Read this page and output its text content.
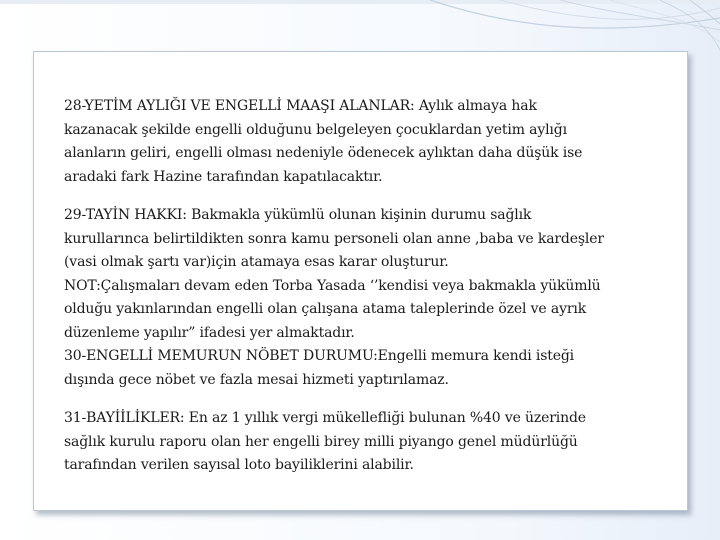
28-YETİM AYLIĞI VE ENGELLİ MAAŞI ALANLAR: Aylık almaya hak

kazanacak şekilde engelli olduğunu belgeleyen çocuklardan yetim aylığı

alanların geliri, engelli olması nedeniyle ödenecek aylıktan daha düşük ise

aradaki fark Hazine tarafından kapatılacaktır.

29-TAYİN HAKKI: Bakmakla yükümlü olunan kişinin durumu sağlık

kurullarınca belirtildikten sonra kamu personeli olan anne ,baba ve kardeşler

(vasi olmak şartı var)için atamaya esas karar oluşturur.

NOT:Çalışmaları devam eden Torba Yasada ‘’kendisi veya bakmakla yükümlü

olduğu yakınlarından engelli olan çalışana atama taleplerinde özel ve ayrık

düzenleme yapılır” ifadesi yer almaktadır.

30-ENGELLİ MEMURUN NÖBET DURUMU:Engelli memura kendi isteği

dışında gece nöbet ve fazla mesai hizmeti yaptırılamaz.

31-BAYİİLİKLER: En az 1 yıllık vergi mükellefliği bulunan %40 ve üzerinde

sağlık kurulu raporu olan her engelli birey milli piyango genel müdürlüğü

tarafından verilen sayısal loto bayiliklerini alabilir.
